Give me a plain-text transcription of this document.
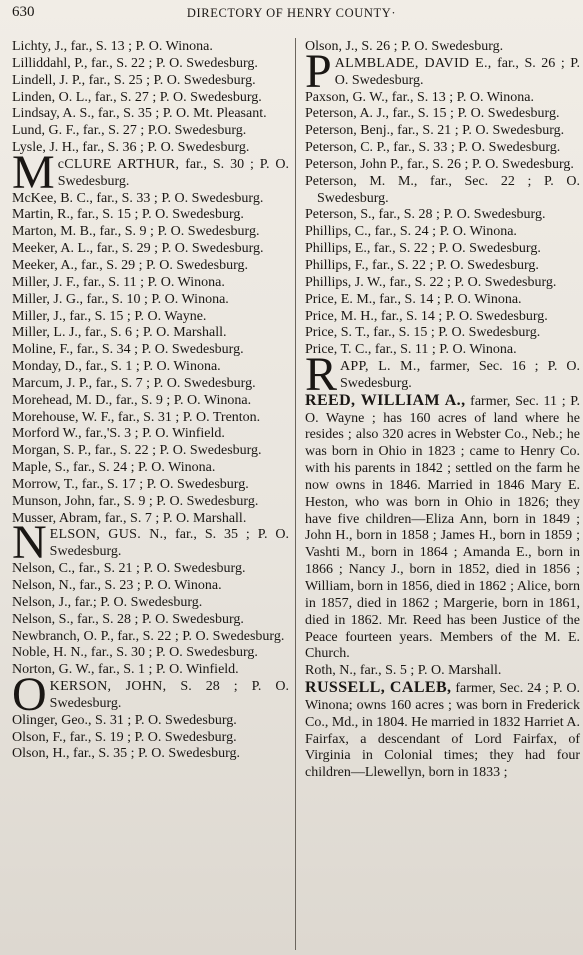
630	DIRECTORY OF HENRY COUNTY·
Lichty, J., far., S. 13 ; P. O. Winona.
Lilliddahl, P., far., S. 22 ; P. O. Swedesburg.
Lindell, J. P., far., S. 25 ; P. O. Swedesburg.
Linden, O. L., far., S. 27 ; P. O. Swedesburg.
Lindsay, A. S., far., S. 35 ; P. O. Mt. Pleasant.
Lund, G. F., far., S. 27 ; P.O. Swedesburg.
Lysle, J. H., far., S. 36 ; P. O. Swedesburg.
McCLURE ARTHUR, far., S. 30 ; P. O. Swedesburg.
McKee, B. C., far., S. 33 ; P. O. Swedesburg.
Martin, R., far., S. 15 ; P. O. Swedesburg.
Marton, M. B., far., S. 9 ; P. O. Swedesburg.
Meeker, A. L., far., S. 29 ; P. O. Swedesburg.
Meeker, A., far., S. 29 ; P. O. Swedesburg.
Miller, J. F., far., S. 11 ; P. O. Winona.
Miller, J. G., far., S. 10 ; P. O. Winona.
Miller, J., far., S. 15 ; P. O. Wayne.
Miller, L. J., far., S. 6 ; P. O. Marshall.
Moline, F., far., S. 34 ; P. O. Swedesburg.
Monday, D., far., S. 1 ; P. O. Winona.
Marcum, J. P., far., S. 7 ; P. O. Swedesburg.
Morehead, M. D., far., S. 9 ; P. O. Winona.
Morehouse, W. F., far., S. 31 ; P. O. Trenton.
Morford W., far.,'S. 3 ; P. O. Winfield.
Morgan, S. P., far., S. 22 ; P. O. Swedesburg.
Maple, S., far., S. 24 ; P. O. Winona.
Morrow, T., far., S. 17 ; P. O. Swedesburg.
Munson, John, far., S. 9 ; P. O. Swedesburg.
Musser, Abram, far., S. 7 ; P. O. Marshall.
NELSON, GUS. N., far., S. 35 ; P. O. Swedesburg.
Nelson, C., far., S. 21 ; P. O. Swedesburg.
Nelson, N., far., S. 23 ; P. O. Winona.
Nelson, J., far.; P. O. Swedesburg.
Nelson, S., far., S. 28 ; P. O. Swedesburg.
Newbranch, O. P., far., S. 22 ; P. O. Swedesburg.
Noble, H. N., far., S. 30 ; P. O. Swedesburg.
Norton, G. W., far., S. 1 ; P. O. Winfield.
OKERSON, JOHN, S. 28 ; P. O. Swedesburg.
Olinger, Geo., S. 31 ; P. O. Swedesburg.
Olson, F., far., S. 19 ; P. O. Swedesburg.
Olson, H., far., S. 35 ; P. O. Swedesburg.
Olson, J., S. 26 ; P. O. Swedesburg.
PALMBLADE, DAVID E., far., S. 26 ; P. O. Swedesburg.
Paxson, G. W., far., S. 13 ; P. O. Winona.
Peterson, A. J., far., S. 15 ; P. O. Swedesburg.
Peterson, Benj., far., S. 21 ; P. O. Swedesburg.
Peterson, C. P., far., S. 33 ; P. O. Swedesburg.
Peterson, John P., far., S. 26 ; P. O. Swedesburg.
Peterson, M. M., far., Sec. 22 ; P. O. Swedesburg.
Peterson, S., far., S. 28 ; P. O. Swedesburg.
Phillips, C., far., S. 24 ; P. O. Winona.
Phillips, E., far., S. 22 ; P. O. Swedesburg.
Phillips, F., far., S. 22 ; P. O. Swedesburg.
Phillips, J. W., far., S. 22 ; P. O. Swedesburg.
Price, E. M., far., S. 14 ; P. O. Winona.
Price, M. H., far., S. 14 ; P. O. Swedesburg.
Price, S. T., far., S. 15 ; P. O. Swedesburg.
Price, T. C., far., S. 11 ; P. O. Winona.
RAPP, L. M., farmer, Sec. 16 ; P. O. Swedesburg.
REED, WILLIAM A., farmer, Sec. 11 ; P. O. Wayne ; has 160 acres of land where he resides ; also 320 acres in Webster Co., Neb.; he was born in Ohio in 1823 ; came to Henry Co. with his parents in 1842 ; settled on the farm he now owns in 1846. Married in 1846 Mary E. Heston, who was born in Ohio in 1826; they have five children—Eliza Ann, born in 1849 ; John H., born in 1858 ; James H., born in 1859 ; Vashti M., born in 1864 ; Amanda E., born in 1866 ; Nancy J., born in 1852, died in 1856 ; William, born in 1856, died in 1862 ; Alice, born in 1857, died in 1862 ; Margerie, born in 1861, died in 1862. Mr. Reed has been Justice of the Peace fourteen years. Members of the M. E. Church.
Roth, N., far., S. 5 ; P. O. Marshall.
RUSSELL, CALEB, farmer, Sec. 24 ; P. O. Winona; owns 160 acres ; was born in Frederick Co., Md., in 1804. He married in 1832 Harriet A. Fairfax, a descendant of Lord Fairfax, of Virginia in Colonial times; they had four children—Llewellyn, born in 1833 ;
